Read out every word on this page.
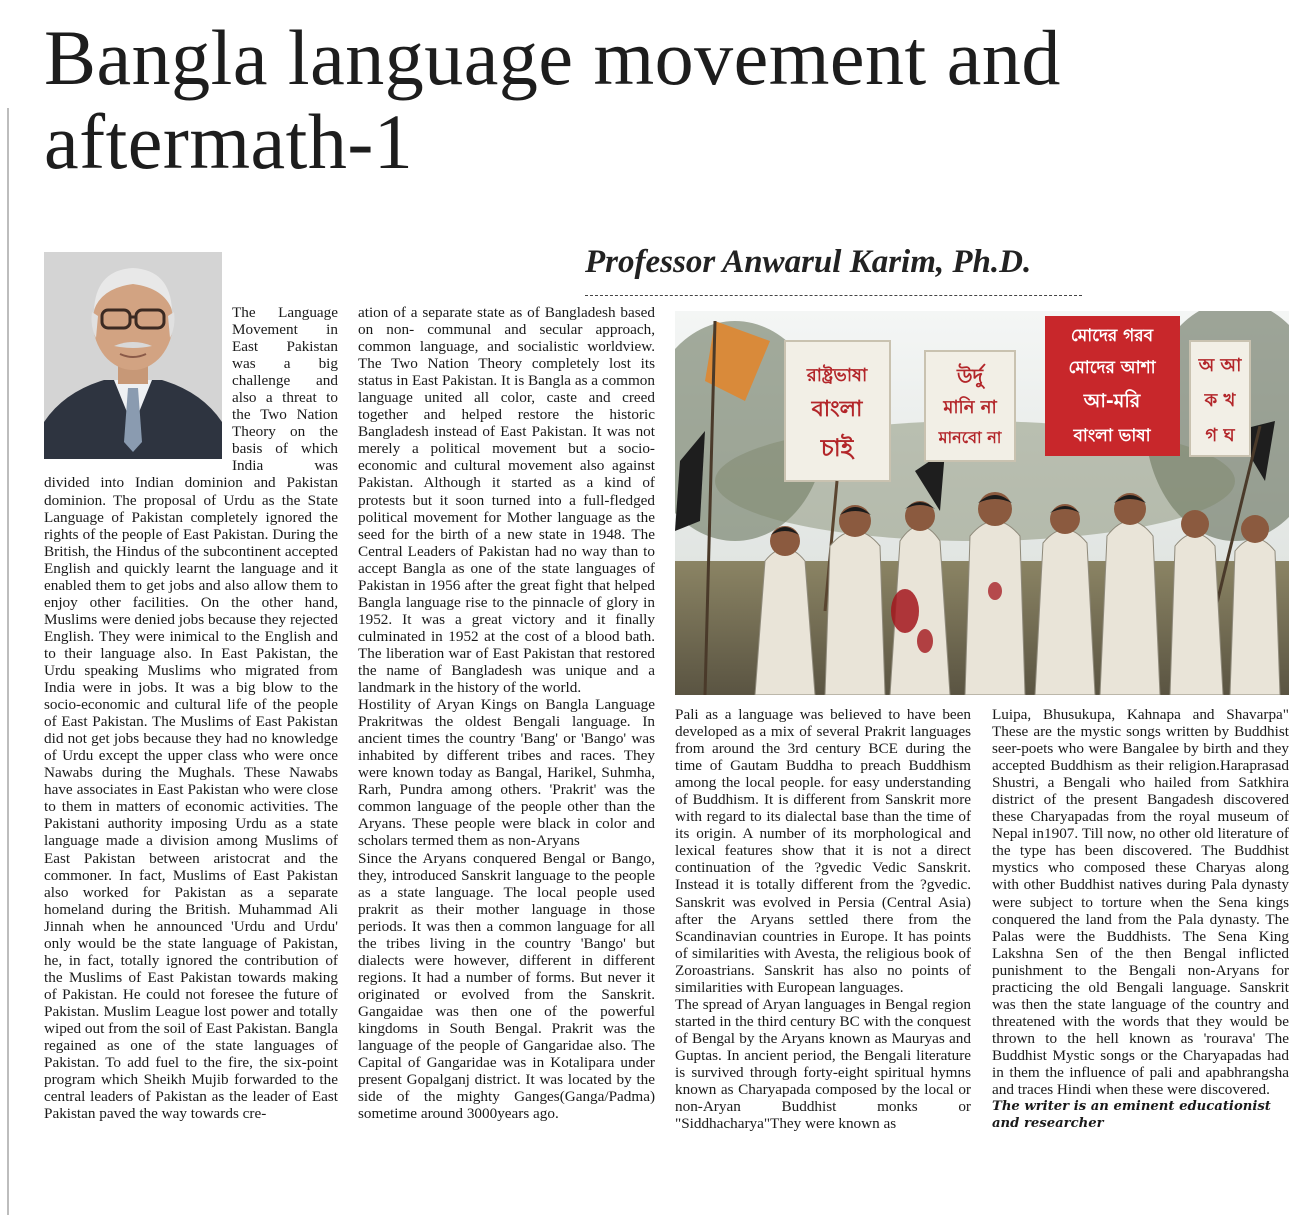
Bangla language movement and aftermath-1
Professor Anwarul Karim, Ph.D.

The Language Movement in East Pakistan was a big challenge and also a threat to the Two Nation Theory on the basis of which India was divided into Indian dominion and Pakistan dominion. The proposal of Urdu as the State Language of Pakistan completely ignored the rights of the people of East Pakistan. During the British, the Hindus of the subcontinent accepted English and quickly learnt the language and it enabled them to get jobs and also allow them to enjoy other facilities. On the other hand, Muslims were denied jobs because they rejected English. They were inimical to the English and to their language also. In East Pakistan, the Urdu speaking Muslims who migrated from India were in jobs. It was a big blow to the socio-economic and cultural life of the people of East Pakistan. The Muslims of East Pakistan did not get jobs because they had no knowledge of Urdu except the upper class who were once Nawabs during the Mughals. These Nawabs have associates in East Pakistan who were close to them in matters of economic activities. The Pakistani authority imposing Urdu as a state language made a division among Muslims of East Pakistan between aristocrat and the commoner. In fact, Muslims of East Pakistan also worked for Pakistan as a separate homeland during the British. Muhammad Ali Jinnah when he announced 'Urdu and Urdu' only would be the state language of Pakistan, he, in fact, totally ignored the contribution of the Muslims of East Pakistan towards making of Pakistan. He could not foresee the future of Pakistan. Muslim League lost power and totally wiped out from the soil of East Pakistan. Bangla regained as one of the state languages of Pakistan. To add fuel to the fire, the six-point program which Sheikh Mujib forwarded to the central leaders of Pakistan as the leader of East Pakistan paved the way towards cre-

ation of a separate state as of Bangladesh based on non- communal and secular approach, common language, and socialistic worldview. The Two Nation Theory completely lost its status in East Pakistan. It is Bangla as a common language united all color, caste and creed together and helped restore the historic Bangladesh instead of East Pakistan. It was not merely a political movement but a socio-economic and cultural movement also against Pakistan. Although it started as a kind of protests but it soon turned into a full-fledged political movement for Mother language as the seed for the birth of a new state in 1948. The Central Leaders of Pakistan had no way than to accept Bangla as one of the state languages of Pakistan in 1956 after the great fight that helped Bangla language rise to the pinnacle of glory in 1952. It was a great victory and it finally culminated in 1952 at the cost of a blood bath. The liberation war of East Pakistan that restored the name of Bangladesh was unique and a landmark in the history of the world.

Hostility of Aryan Kings on Bangla Language Prakritwas the oldest Bengali language. In ancient times the country 'Bang' or 'Bango' was inhabited by different tribes and races. They were known today as Bangal, Harikel, Suhmha, Rarh, Pundra among others. 'Prakrit' was the common language of the people other than the Aryans. These people were black in color and scholars termed them as non-Aryans

Since the Aryans conquered Bengal or Bango, they, introduced Sanskrit language to the people as a state language. The local people used prakrit as their mother language in those periods. It was then a common language for all the tribes living in the country 'Bango' but dialects were however, different in different regions. It had a number of forms. But never it originated or evolved from the Sanskrit. Gangaidae was then one of the powerful kingdoms in South Bengal. Prakrit was the language of the people of Gangaridae also. The Capital of Gangaridae was in Kotalipara under present Gopalganj district. It was located by the side of the mighty Ganges(Ganga/Padma) sometime around 3000years ago.

রাষ্ট্রভাষা
বাংলা
চাই
উর্দু
মানি না
মানবো না
মোদের গরব
মোদের আশা
আ-মরি
বাংলা ভাষা
অ আ
ক খ
গ ঘ

Pali as a language was believed to have been developed as a mix of several Prakrit languages from around the 3rd century BCE during the time of Gautam Buddha to preach Buddhism among the local people. for easy understanding of Buddhism. It is different from Sanskrit more with regard to its dialectal base than the time of its origin. A number of its morphological and lexical features show that it is not a direct continuation of the ?gvedic Vedic Sanskrit. Instead it is totally different from the ?gvedic. Sanskrit was evolved in Persia (Central Asia) after the Aryans settled there from the Scandinavian countries in Europe. It has points of similarities with Avesta, the religious book of Zoroastrians. Sanskrit has also no points of similarities with European languages.

The spread of Aryan languages in Bengal region started in the third century BC with the conquest of Bengal by the Aryans known as Mauryas and Guptas. In ancient period, the Bengali literature is survived through forty-eight spiritual hymns known as Charyapada composed by the local or non-Aryan Buddhist monks or "Siddhacharya"They were known as

Luipa, Bhusukupa, Kahnapa and Shavarpa" These are the mystic songs written by Buddhist seer-poets who were Bangalee by birth and they accepted Buddhism as their religion.Haraprasad Shustri, a Bengali who hailed from Satkhira district of the present Bangadesh discovered these Charyapadas from the royal museum of Nepal in1907. Till now, no other old literature of the type has been discovered. The Buddhist mystics who composed these Charyas along with other Buddhist natives during Pala dynasty were subject to torture when the Sena kings conquered the land from the Pala dynasty. The Palas were the Buddhists. The Sena King Lakshna Sen of the then Bengal inflicted punishment to the Bengali non-Aryans for practicing the old Bengali language. Sanskrit was then the state language of the country and threatened with the words that they would be thrown to the hell known as 'rourava' The Buddhist Mystic songs or the Charyapadas had in them the influence of pali and apabhrangsha and traces Hindi when these were discovered.

The writer is an eminent educationist and researcher
